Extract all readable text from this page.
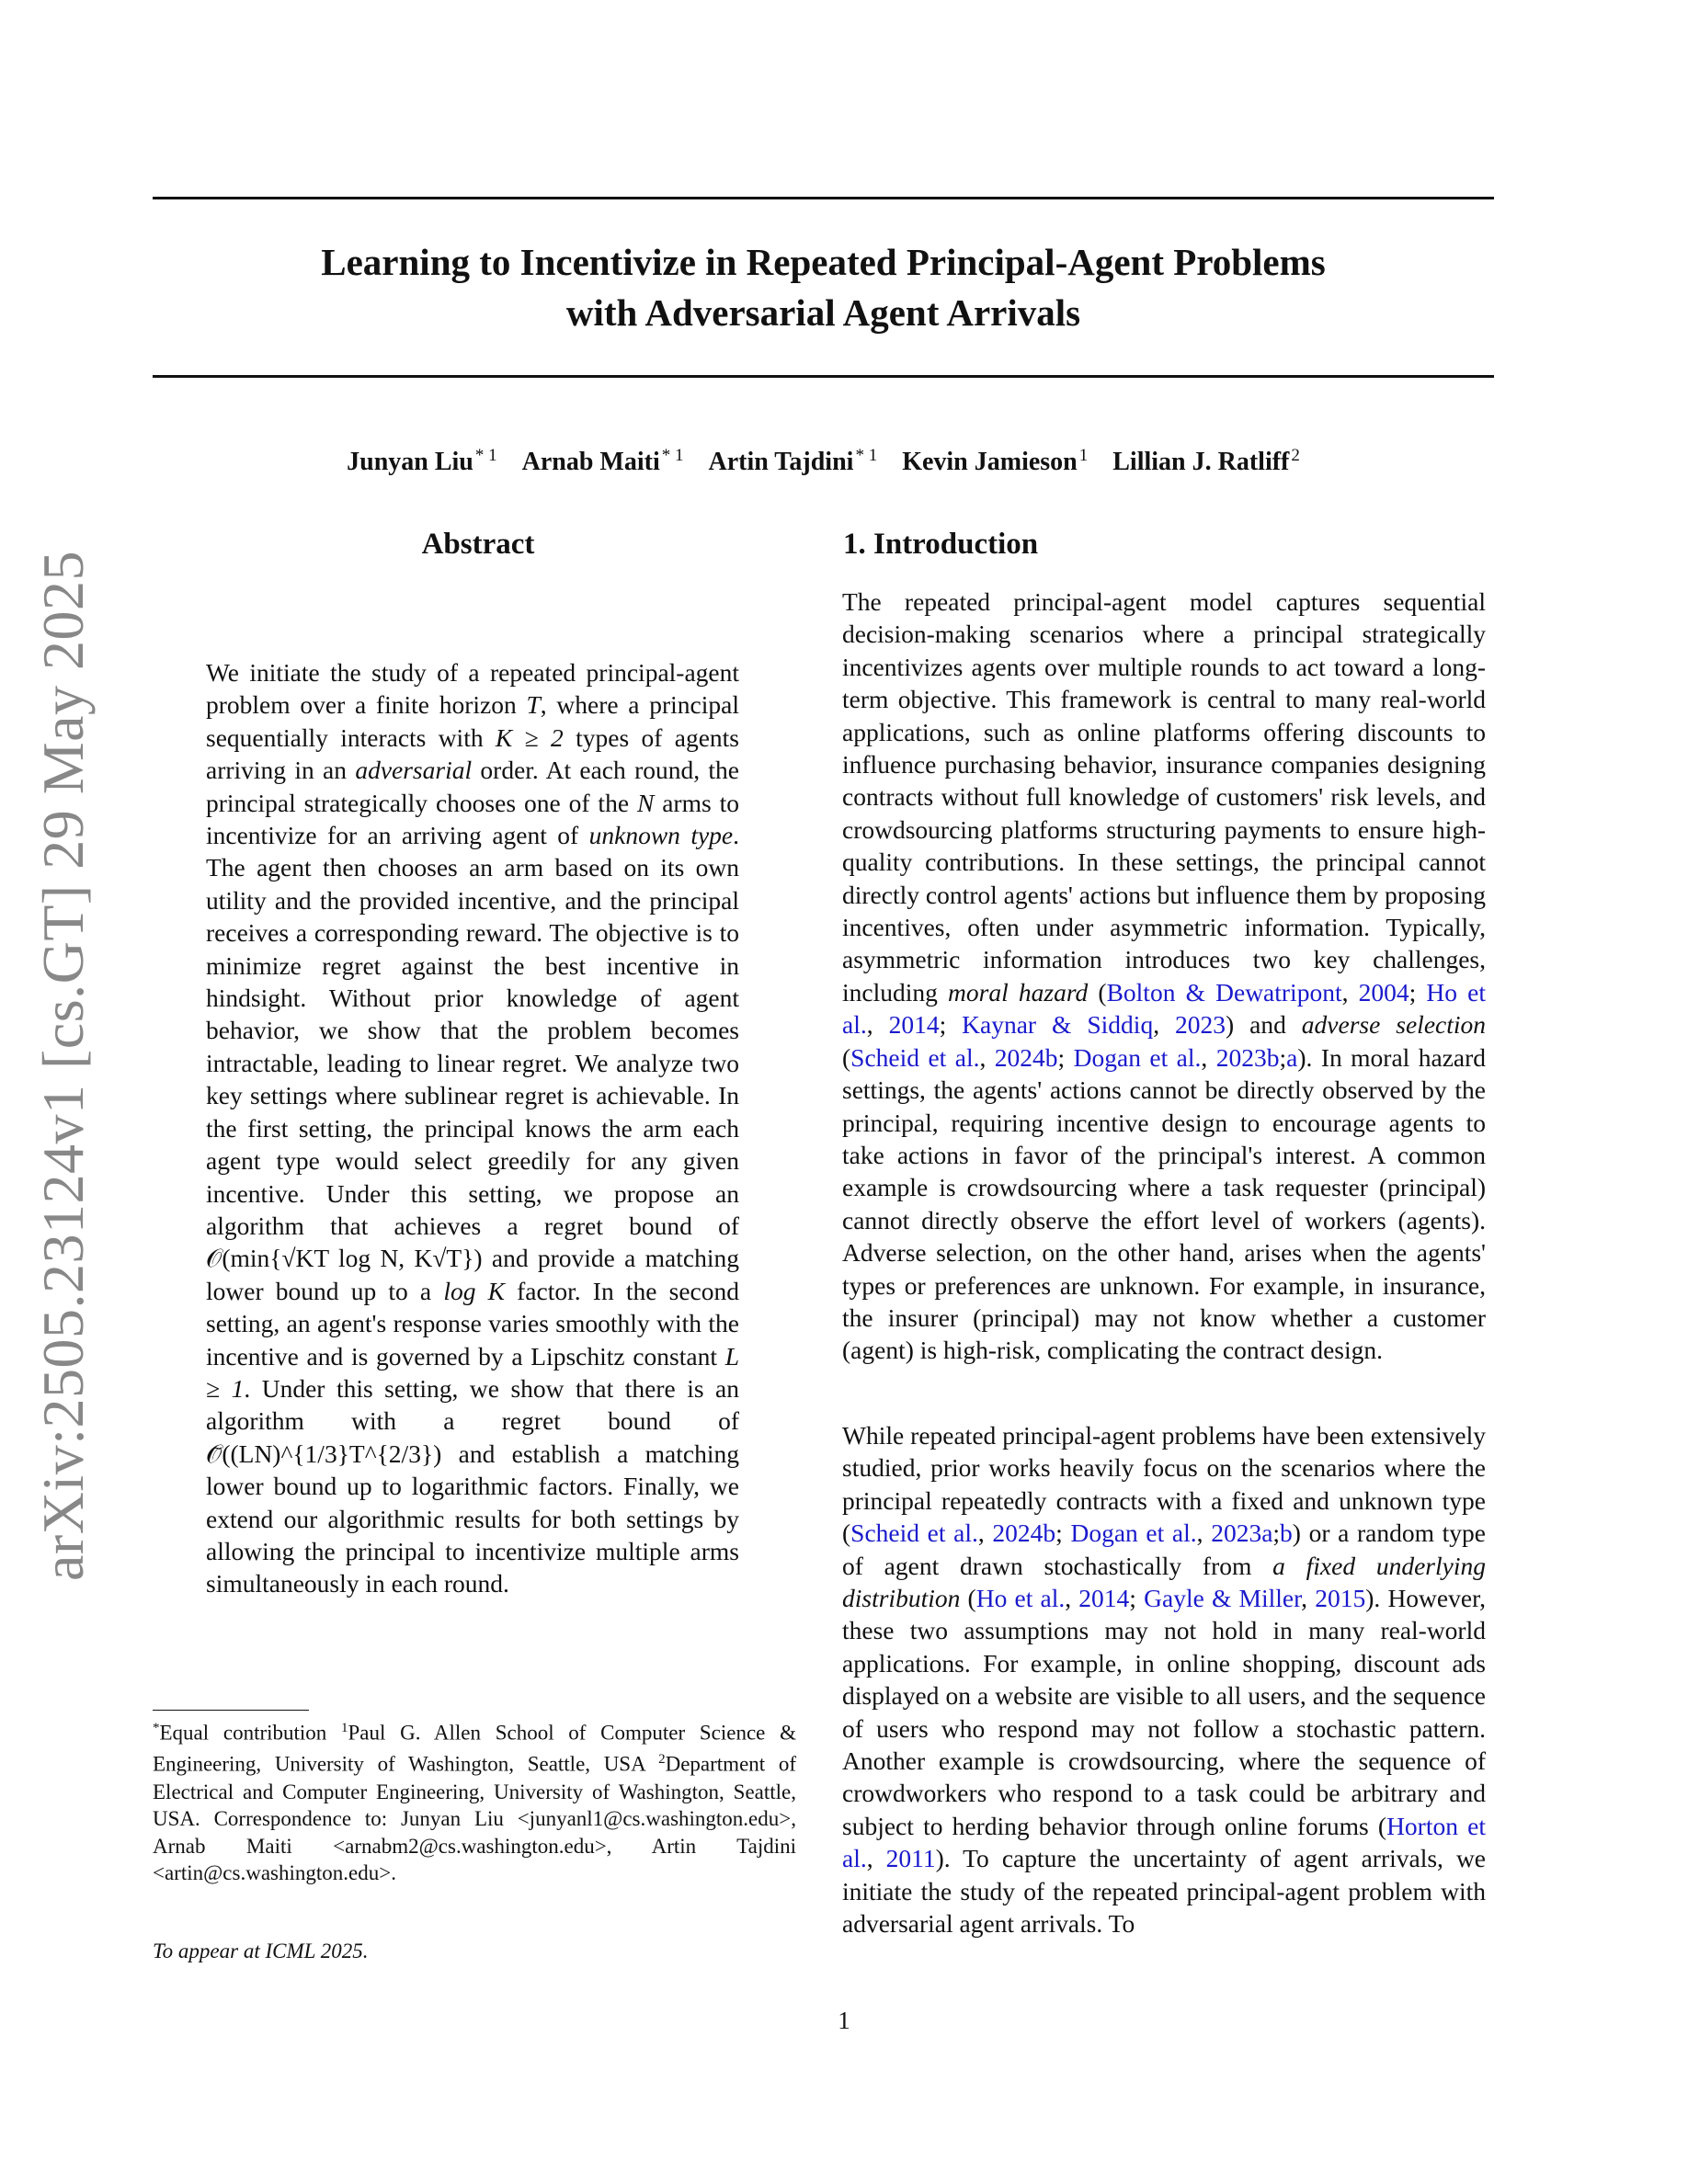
arXiv:2505.23124v1 [cs.GT] 29 May 2025
Learning to Incentivize in Repeated Principal-Agent Problems
with Adversarial Agent Arrivals
Junyan Liu $^{* 1}$ Arnab Maiti $^{* 1}$ Artin Tajdini $^{* 1}$ Kevin Jamieson $^1$ Lillian J. Ratliff $^2$
Abstract
We initiate the study of a repeated principal-agent problem over a finite horizon T, where a principal sequentially interacts with K ≥ 2 types of agents arriving in an adversarial order. At each round, the principal strategically chooses one of the N arms to incentivize for an arriving agent of unknown type. The agent then chooses an arm based on its own utility and the provided incentive, and the principal receives a corresponding reward. The objective is to minimize regret against the best incentive in hindsight. Without prior knowledge of agent behavior, we show that the problem becomes intractable, leading to linear regret. We analyze two key settings where sublinear regret is achievable. In the first setting, the principal knows the arm each agent type would select greedily for any given incentive. Under this setting, we propose an algorithm that achieves a regret bound of 𝒪(min{√KT log N, K√T}) and provide a matching lower bound up to a log K factor. In the second setting, an agent's response varies smoothly with the incentive and is governed by a Lipschitz constant L ≥ 1. Under this setting, we show that there is an algorithm with a regret bound of 𝒪̃((LN)^{1/3}T^{2/3}) and establish a matching lower bound up to logarithmic factors. Finally, we extend our algorithmic results for both settings by allowing the principal to incentivize multiple arms simultaneously in each round.
1. Introduction
The repeated principal-agent model captures sequential decision-making scenarios where a principal strategically incentivizes agents over multiple rounds to act toward a long-term objective. This framework is central to many real-world applications, such as online platforms offering discounts to influence purchasing behavior, insurance companies designing contracts without full knowledge of customers' risk levels, and crowdsourcing platforms structuring payments to ensure high-quality contributions. In these settings, the principal cannot directly control agents' actions but influence them by proposing incentives, often under asymmetric information. Typically, asymmetric information introduces two key challenges, including moral hazard (Bolton & Dewatripont, 2004; Ho et al., 2014; Kaynar & Siddiq, 2023) and adverse selection (Scheid et al., 2024b; Dogan et al., 2023b;a). In moral hazard settings, the agents' actions cannot be directly observed by the principal, requiring incentive design to encourage agents to take actions in favor of the principal's interest. A common example is crowdsourcing where a task requester (principal) cannot directly observe the effort level of workers (agents). Adverse selection, on the other hand, arises when the agents' types or preferences are unknown. For example, in insurance, the insurer (principal) may not know whether a customer (agent) is high-risk, complicating the contract design.
While repeated principal-agent problems have been extensively studied, prior works heavily focus on the scenarios where the principal repeatedly contracts with a fixed and unknown type (Scheid et al., 2024b; Dogan et al., 2023a;b) or a random type of agent drawn stochastically from a fixed underlying distribution (Ho et al., 2014; Gayle & Miller, 2015). However, these two assumptions may not hold in many real-world applications. For example, in online shopping, discount ads displayed on a website are visible to all users, and the sequence of users who respond may not follow a stochastic pattern. Another example is crowdsourcing, where the sequence of crowdworkers who respond to a task could be arbitrary and subject to herding behavior through online forums (Horton et al., 2011). To capture the uncertainty of agent arrivals, we initiate the study of the repeated principal-agent problem with adversarial agent arrivals. To
*Equal contribution $^1$Paul G. Allen School of Computer Science & Engineering, University of Washington, Seattle, USA $^2$Department of Electrical and Computer Engineering, University of Washington, Seattle, USA. Correspondence to: Junyan Liu <junyanl1@cs.washington.edu>, Arnab Maiti <arnabm2@cs.washington.edu>, Artin Tajdini <artin@cs.washington.edu>.
To appear at ICML 2025.
1
